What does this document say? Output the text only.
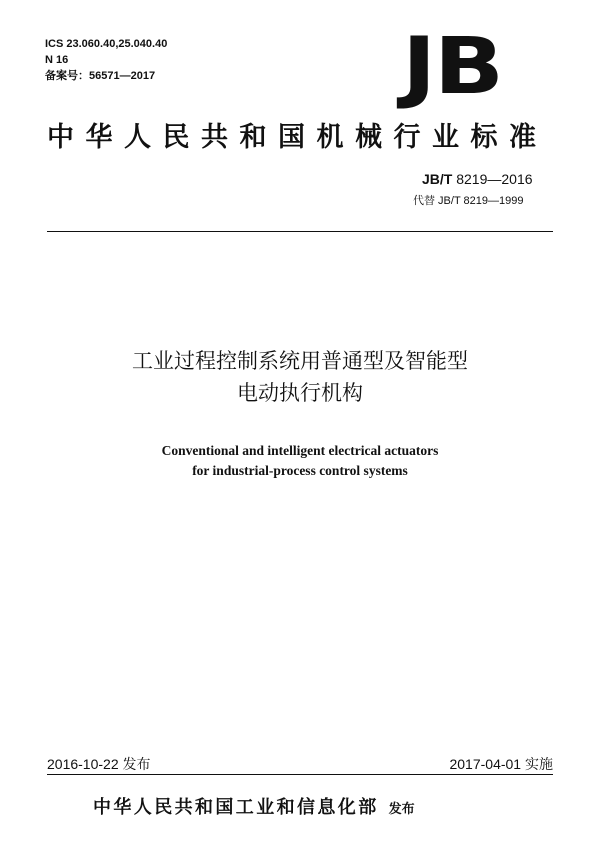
ICS 23.060.40,25.040.40
N 16
备案号：56571—2017	JB
中华人民共和国机械行业标准
JB/T 8219—2016
代替 JB/T 8219—1999
工业过程控制系统用普通型及智能型
电动执行机构
Conventional and intelligent electrical actuators
for industrial-process control systems
2016-10-22 发布	2017-04-01 实施
中华人民共和国工业和信息化部 发布
